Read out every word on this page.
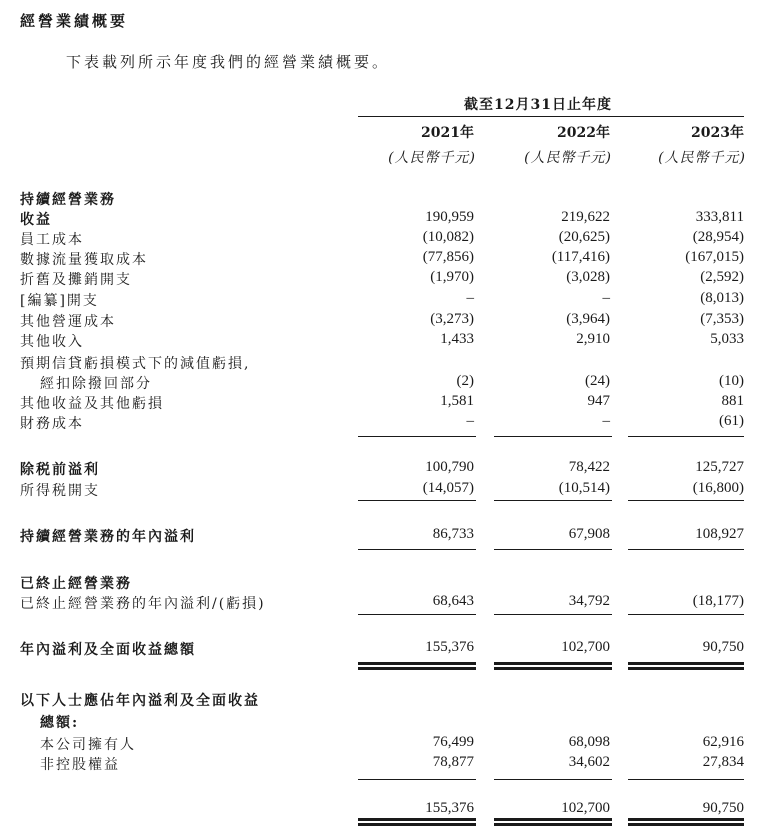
經營業績概要
下表載列所示年度我們的經營業績概要。
截至12月31日止年度
2021年	2022年	2023年
(人民幣千元)	(人民幣千元)	(人民幣千元)
持續經營業務
收益	190,959	219,622	333,811
員工成本	(10,082)	(20,625)	(28,954)
數據流量獲取成本	(77,856)	(117,416)	(167,015)
折舊及攤銷開支	(1,970)	(3,028)	(2,592)
[編纂]開支	–	–	(8,013)
其他營運成本	(3,273)	(3,964)	(7,353)
其他收入	1,433	2,910	5,033
預期信貸虧損模式下的減值虧損,
經扣除撥回部分	(2)	(24)	(10)
其他收益及其他虧損	1,581	947	881
財務成本	–	–	(61)
除税前溢利	100,790	78,422	125,727
所得税開支	(14,057)	(10,514)	(16,800)
持續經營業務的年內溢利	86,733	67,908	108,927
已終止經營業務
已終止經營業務的年內溢利/(虧損)	68,643	34,792	(18,177)
年內溢利及全面收益總額	155,376	102,700	90,750
以下人士應佔年內溢利及全面收益
總額:
本公司擁有人	76,499	68,098	62,916
非控股權益	78,877	34,602	27,834
155,376	102,700	90,750
